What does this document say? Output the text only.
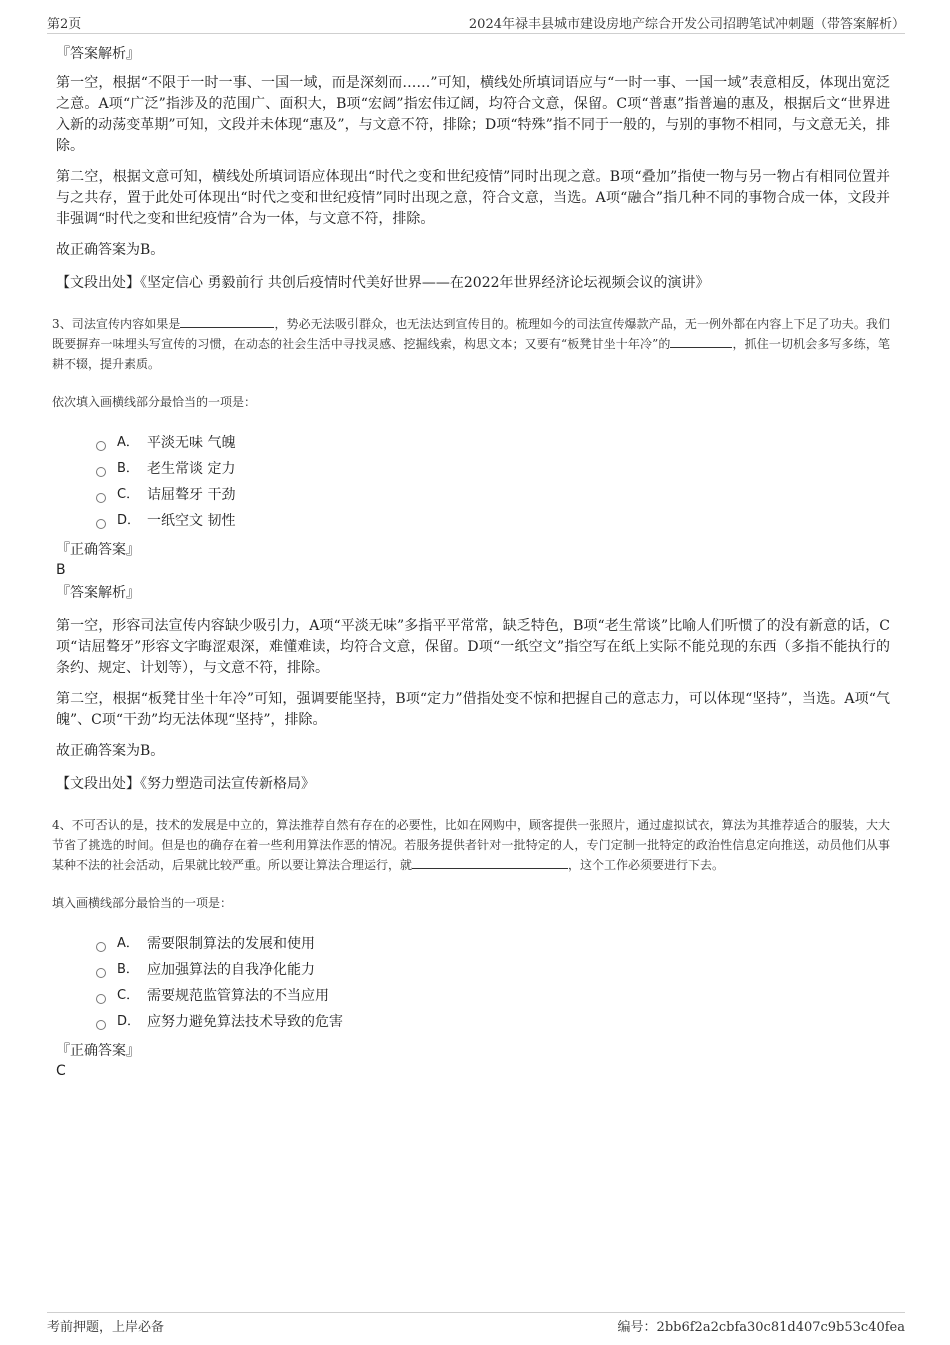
第2页	2024年禄丰县城市建设房地产综合开发公司招聘笔试冲刺题（带答案解析）
『答案解析』

第一空，根据“不限于一时一事、一国一域，而是深刻而……”可知，横线处所填词语应与“一时一事、一国一域”表意相反，体现出宽泛之意。A项“广泛”指涉及的范围广、面积大，B项“宏阔”指宏伟辽阔，均符合文意，保留。C项“普惠”指普遍的惠及，根据后文“世界进入新的动荡变革期”可知，文段并未体现“惠及”，与文意不符，排除；D项“特殊”指不同于一般的，与别的事物不相同，与文意无关，排除。

第二空，根据文意可知，横线处所填词语应体现出“时代之变和世纪疫情”同时出现之意。B项“叠加”指使一物与另一物占有相同位置并与之共存，置于此处可体现出“时代之变和世纪疫情”同时出现之意，符合文意，当选。A项“融合”指几种不同的事物合成一体，文段并非强调“时代之变和世纪疫情”合为一体，与文意不符，排除。

故正确答案为B。

【文段出处】《坚定信心 勇毅前行 共创后疫情时代美好世界——在2022年世界经济论坛视频会议的演讲》

3、司法宣传内容如果是	，势必无法吸引群众，也无法达到宣传目的。梳理如今的司法宣传爆款产品，无一例外都在内容上下足了功夫。我们既要摒弃一味埋头写宣传的习惯，在动态的社会生活中寻找灵感、挖掘线索，构思文本；又要有“板凳甘坐十年冷”的	，抓住一切机会多写多练，笔耕不辍，提升素质。

依次填入画横线部分最恰当的一项是：

A． 平淡无味 气魄
B． 老生常谈 定力
C． 诘屈聱牙 干劲
D． 一纸空文 韧性
『正确答案』
B
『答案解析』

第一空，形容司法宣传内容缺少吸引力，A项“平淡无味”多指平平常常，缺乏特色，B项“老生常谈”比喻人们听惯了的没有新意的话，C项“诘屈聱牙”形容文字晦涩艰深，难懂难读，均符合文意，保留。D项“一纸空文”指空写在纸上实际不能兑现的东西（多指不能执行的条约、规定、计划等），与文意不符，排除。

第二空，根据“板凳甘坐十年冷”可知，强调要能坚持，B项“定力”借指处变不惊和把握自己的意志力，可以体现“坚持”，当选。A项“气魄”、C项“干劲”均无法体现“坚持”，排除。

故正确答案为B。

【文段出处】《努力塑造司法宣传新格局》

4、不可否认的是，技术的发展是中立的，算法推荐自然有存在的必要性，比如在网购中，顾客提供一张照片，通过虚拟试衣，算法为其推荐适合的服装，大大节省了挑选的时间。但是也的确存在着一些利用算法作恶的情况。若服务提供者针对一批特定的人，专门定制一批特定的政治性信息定向推送，动员他们从事某种不法的社会活动，后果就比较严重。所以要让算法合理运行，就	，这个工作必须要进行下去。

填入画横线部分最恰当的一项是：

A． 需要限制算法的发展和使用
B． 应加强算法的自我净化能力
C． 需要规范监管算法的不当应用
D． 应努力避免算法技术导致的危害
『正确答案』
C
考前押题，上岸必备	编号：2bb6f2a2cbfa30c81d407c9b53c40fea
